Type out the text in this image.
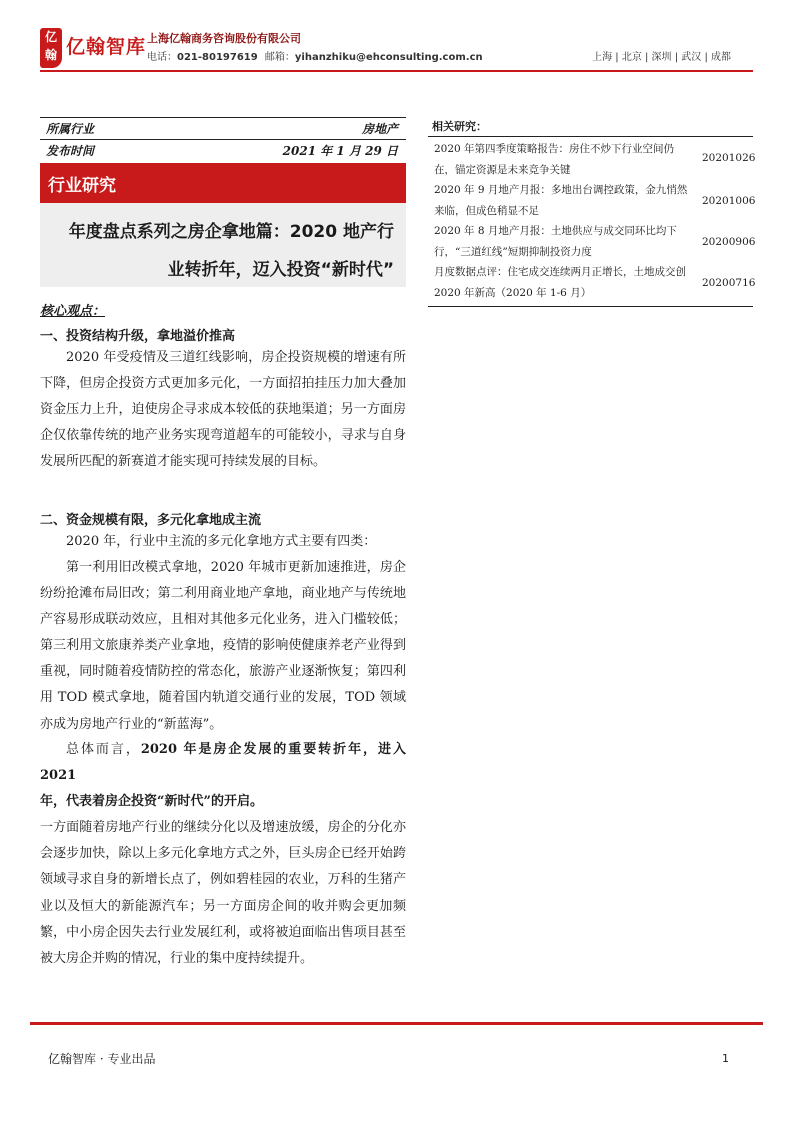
亿翰 亿翰智库 上海亿翰商务咨询股份有限公司
电话：021-80197619 邮箱：yihanzhiku@ehconsulting.com.cn	上海 | 北京 | 深圳 | 武汉 | 成都
所属行业	房地产
发布时间	2021 年 1 月 29 日
行业研究
年度盘点系列之房企拿地篇：2020 地产行
业转折年，迈入投资“新时代”
核心观点：
一、投资结构升级，拿地溢价推高
2020 年受疫情及三道红线影响，房企投资规模的增速有所下降，但房企投资方式更加多元化，一方面招拍挂压力加大叠加资金压力上升，迫使房企寻求成本较低的获地渠道；另一方面房企仅依靠传统的地产业务实现弯道超车的可能较小，寻求与自身发展所匹配的新赛道才能实现可持续发展的目标。
二、资金规模有限，多元化拿地成主流
2020 年，行业中主流的多元化拿地方式主要有四类：
第一利用旧改模式拿地，2020 年城市更新加速推进，房企纷纷抢滩布局旧改；第二利用商业地产拿地，商业地产与传统地产容易形成联动效应，且相对其他多元化业务，进入门槛较低；第三利用文旅康养类产业拿地，疫情的影响使健康养老产业得到重视，同时随着疫情防控的常态化，旅游产业逐渐恢复；第四利用 TOD 模式拿地，随着国内轨道交通行业的发展，TOD 领域亦成为房地产行业的“新蓝海”。
总体而言，2020 年是房企发展的重要转折年，进入 2021
年，代表着房企投资“新时代”的开启。
一方面随着房地产行业的继续分化以及增速放缓，房企的分化亦会逐步加快，除以上多元化拿地方式之外，巨头房企已经开始跨领域寻求自身的新增长点了，例如碧桂园的农业，万科的生猪产业以及恒大的新能源汽车；另一方面房企间的收并购会更加频繁，中小房企因失去行业发展红利，或将被迫面临出售项目甚至被大房企并购的情况，行业的集中度持续提升。
相关研究：
2020 年第四季度策略报告：房住不炒下行业空间仍在，锚定资源是未来竞争关键
20201026
2020 年 9 月地产月报：多地出台调控政策，金九悄然来临，但成色稍显不足
20201006
2020 年 8 月地产月报：土地供应与成交同环比均下行，“三道红线”短期抑制投资力度
20200906
月度数据点评：住宅成交连续两月正增长，土地成交创 2020 年新高（2020 年 1-6 月）
20200716
亿翰智库 · 专业出品	1
